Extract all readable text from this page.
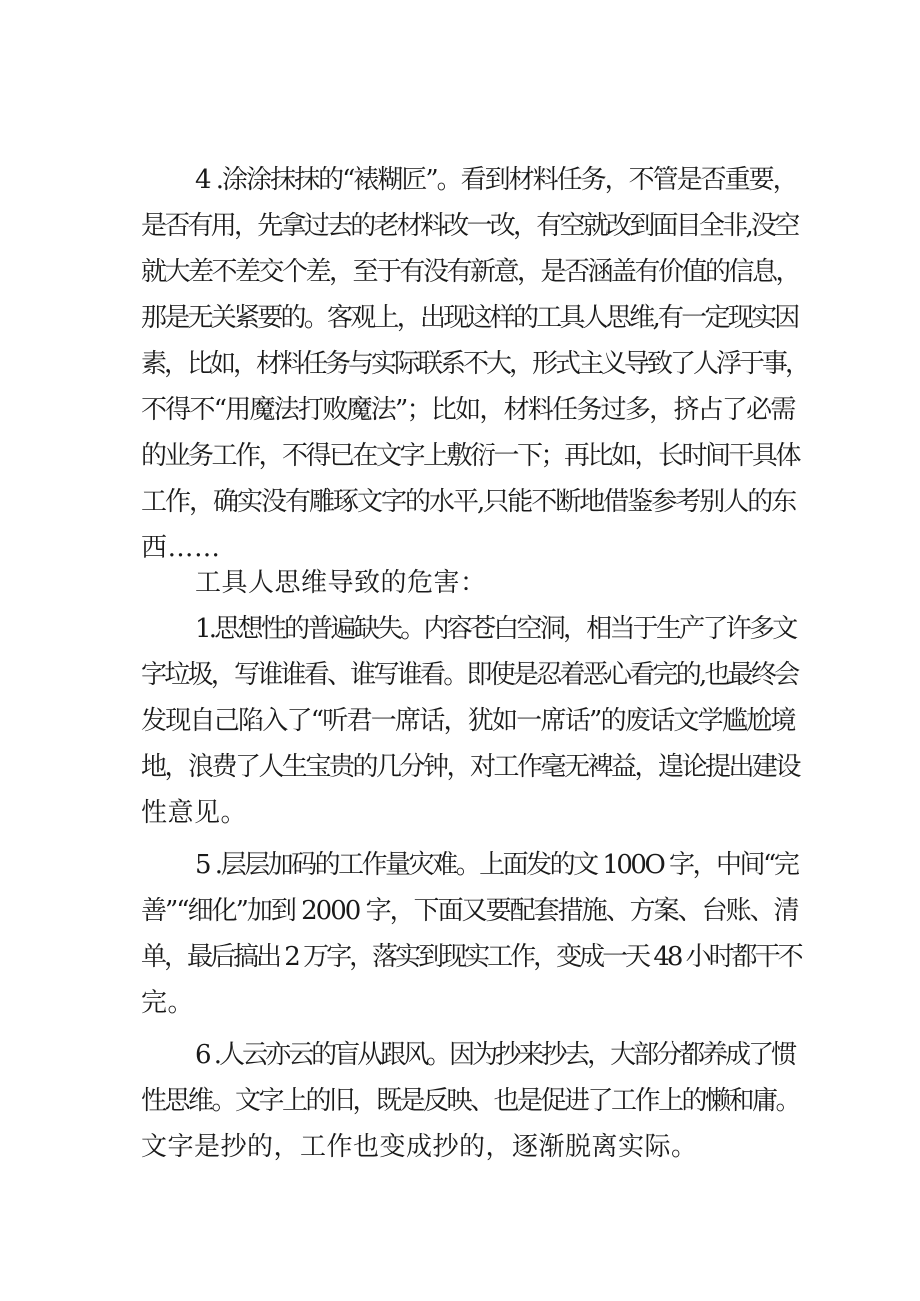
4 .涂涂抹抹的“裱糊匠”。看到材料任务，不管是否重要，
是否有用，先拿过去的老材料改一改，有空就改到面目全非,没空
就大差不差交个差，至于有没有新意，是否涵盖有价值的信息，
那是无关紧要的。客观上，出现这样的工具人思维,有一定现实因
素，比如，材料任务与实际联系不大，形式主义导致了人浮于事，
不得不“用魔法打败魔法”；比如，材料任务过多，挤占了必需
的业务工作，不得已在文字上敷衍一下；再比如，长时间干具体
工作，确实没有雕琢文字的水平,只能不断地借鉴参考别人的东
西……
工具人思维导致的危害：
1.思想性的普遍缺失。内容苍白空洞，相当于生产了许多文
字垃圾，写谁谁看、谁写谁看。即使是忍着恶心看完的,也最终会
发现自己陷入了“听君一席话，犹如一席话”的废话文学尴尬境
地，浪费了人生宝贵的几分钟，对工作毫无裨益，遑论提出建设
性意见。
5 .层层加码的工作量灾难。上面发的文 100O 字，中间“完
善”“细化”加到 2000 字，下面又要配套措施、方案、台账、清
单，最后搞出 2 万字，落实到现实工作，变成一天 48 小时都干不
完。
6 .人云亦云的盲从跟风。因为抄来抄去，大部分都养成了惯
性思维。文字上的旧，既是反映、也是促进了工作上的懒和庸。
文字是抄的，工作也变成抄的，逐渐脱离实际。
